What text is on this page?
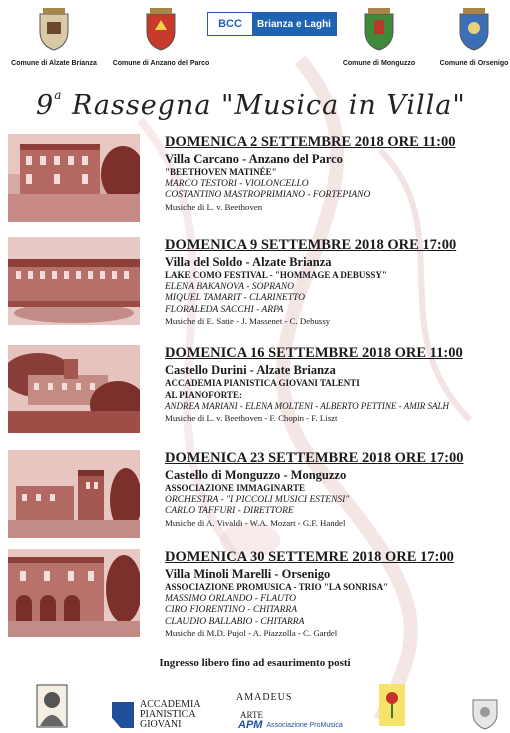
Comune di Alzate Brianza	Comune di Anzano del Parco	Comune di Monguzzo	Comune di Orsenigo
BCC	Brianza e Laghi
9$^a$ Rassegna "Musica in Villa"
DOMENICA 2 SETTEMBRE 2018 ORE 11:00
Villa Carcano - Anzano del Parco
"BEETHOVEN MATINÉE"
MARCO TESTORI - VIOLONCELLO
COSTANTINO MASTROPRIMIANO - FORTEPIANO
Musiche di L. v. Beethoven
DOMENICA 9 SETTEMBRE 2018 ORE 17:00
Villa del Soldo - Alzate Brianza
LAKE COMO FESTIVAL - "HOMMAGE A DEBUSSY"
ELENA BAKANOVA - SOPRANO
MIQUEL TAMARIT - CLARINETTO
FLORALEDA SACCHI - ARPA
Musiche di E. Satie - J. Massenet - C. Debussy
DOMENICA 16 SETTEMBRE 2018 ORE 11:00
Castello Durini - Alzate Brianza
ACCADEMIA PIANISTICA GIOVANI TALENTI
AL PIANOFORTE:
ANDREA MARIANI - ELENA MOLTENI - ALBERTO PETTINE - AMIR SALH
Musiche di L. v. Beethoven - F. Chopin - F. Liszt
DOMENICA 23 SETTEMBRE 2018 ORE 17:00
Castello di Monguzzo - Monguzzo
ASSOCIAZIONE IMMAGINARTE
ORCHESTRA - "I PICCOLI MUSICI ESTENSI"
CARLO TAFFURI - DIRETTORE
Musiche di A. Vivaldi - W.A. Mozart - G.F. Handel
DOMENICA 30 SETTEMRE 2018 ORE 17:00
Villa Minoli Marelli - Orsenigo
ASSOCIAZIONE PROMUSICA - TRIO "LA SONRISA"
MASSIMO ORLANDO - FLAUTO
CIRO FIORENTINO - CHITARRA
CLAUDIO BALLABIO - CHITARRA
Musiche di M.D. Pujol - A. Piazzolla - C. Gardel
Ingresso libero fino ad esaurimento posti
ACCADEMIA
PIANISTICA
GIOVANI
AMADEUS ARTE
APM Associazione ProMusica
